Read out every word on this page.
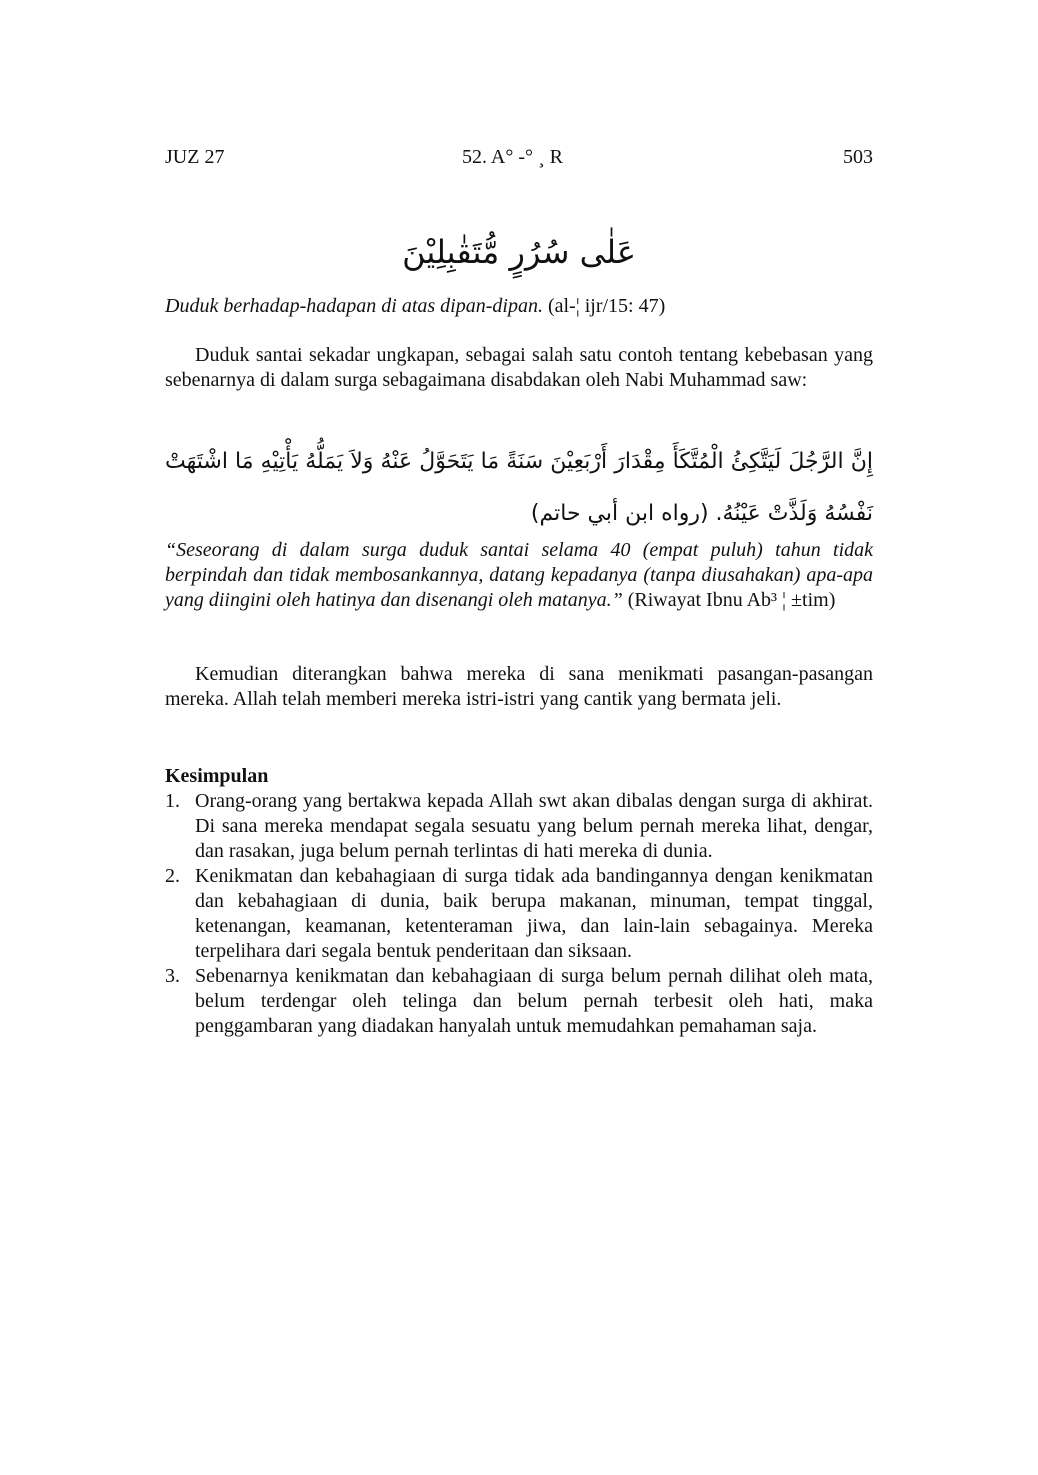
JUZ 27	52. A° -° ¸ R	503
عَلٰى سُرُرٍ مُّتَقٰبِلِيْنَ
Duduk berhadap-hadapan di atas dipan-dipan. (al-¦ ijr/15: 47)

Duduk santai sekadar ungkapan, sebagai salah satu contoh tentang kebebasan yang sebenarnya di dalam surga sebagaimana disabdakan oleh Nabi Muhammad saw:

إِنَّ الرَّجُلَ لَيَتَّكِئُ الْمُتَّكَأَ مِقْدَارَ أَرْبَعِيْنَ سَنَةً مَا يَتَحَوَّلُ عَنْهُ وَلاَ يَمَلُّهُ يَأْتِيْهِ مَا اشْتَهَتْ نَفْسُهُ وَلَذَّتْ عَيْنُهُ. (رواه ابن أبي حاتم)
“Seseorang di dalam surga duduk santai selama 40 (empat puluh) tahun tidak berpindah dan tidak membosankannya, datang kepadanya (tanpa diusahakan) apa-apa yang diingini oleh hatinya dan disenangi oleh matanya.” (Riwayat Ibnu Ab³ ¦ ±tim)

Kemudian diterangkan bahwa mereka di sana menikmati pasangan-pasangan mereka. Allah telah memberi mereka istri-istri yang cantik yang bermata jeli.

Kesimpulan
1. Orang-orang yang bertakwa kepada Allah swt akan dibalas dengan surga di akhirat. Di sana mereka mendapat segala sesuatu yang belum pernah mereka lihat, dengar, dan rasakan, juga belum pernah terlintas di hati mereka di dunia.
2. Kenikmatan dan kebahagiaan di surga tidak ada bandingannya dengan kenikmatan dan kebahagiaan di dunia, baik berupa makanan, minuman, tempat tinggal, ketenangan, keamanan, ketenteraman jiwa, dan lain-lain sebagainya. Mereka terpelihara dari segala bentuk penderitaan dan siksaan.
3. Sebenarnya kenikmatan dan kebahagiaan di surga belum pernah dilihat oleh mata, belum terdengar oleh telinga dan belum pernah terbesit oleh hati, maka penggambaran yang diadakan hanyalah untuk memudahkan pemahaman saja.
